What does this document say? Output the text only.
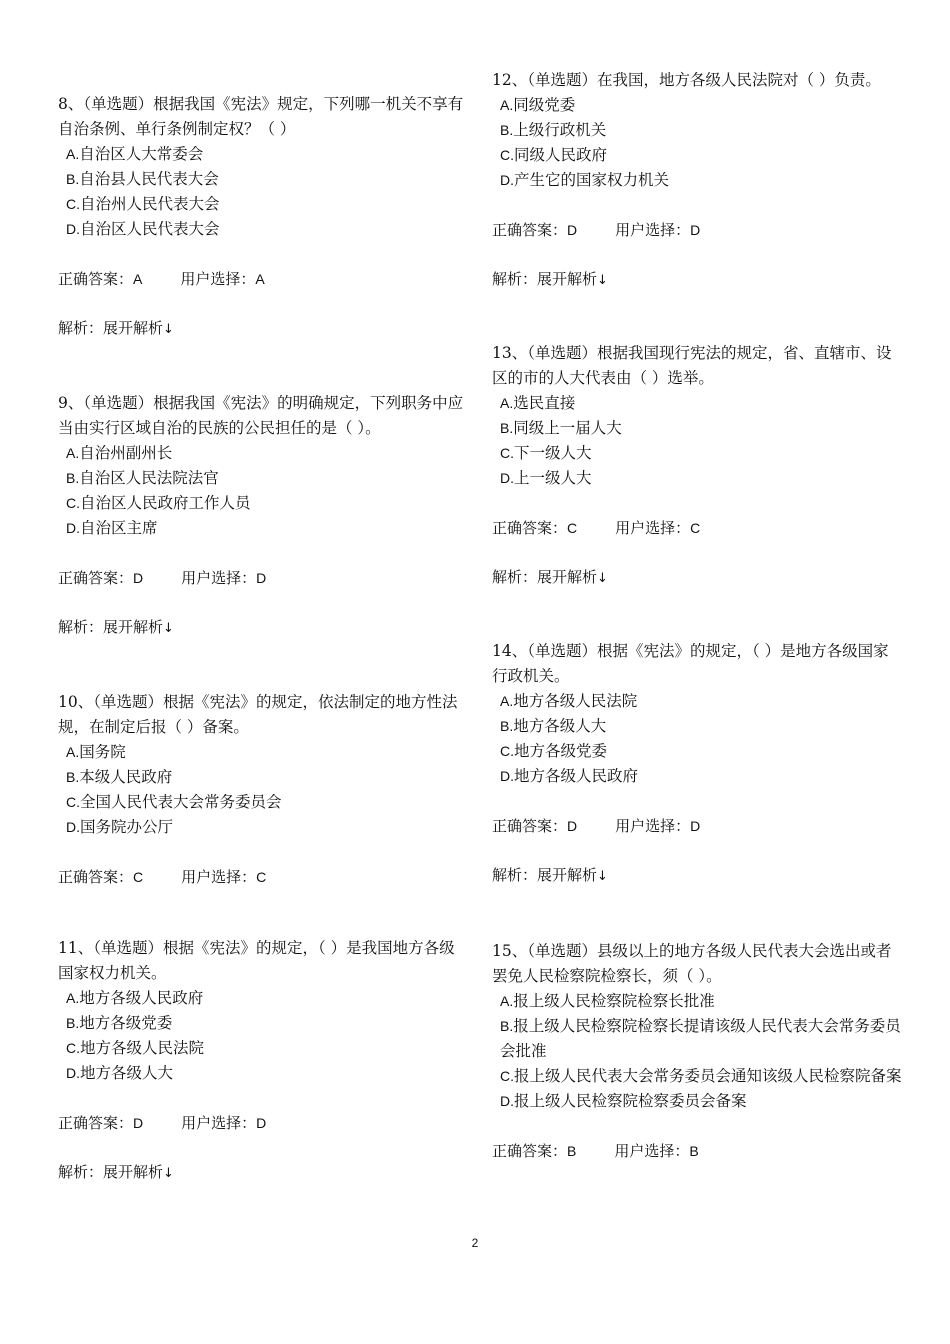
8、（单选题）根据我国《宪法》规定，下列哪一机关不享有自治条例、单行条例制定权？（ ）

A.自治区人大常委会
B.自治县人民代表大会
C.自治州人民代表大会
D.自治区人民代表大会
正确答案：A	用户选择：A
解析：展开解析↓

9、（单选题）根据我国《宪法》的明确规定，下列职务中应当由实行区域自治的民族的公民担任的是（ ）。

A.自治州副州长
B.自治区人民法院法官
C.自治区人民政府工作人员
D.自治区主席
正确答案：D	用户选择：D
解析：展开解析↓

10、（单选题）根据《宪法》的规定，依法制定的地方性法规，在制定后报（ ）备案。

A.国务院
B.本级人民政府
C.全国人民代表大会常务委员会
D.国务院办公厅
正确答案：C	用户选择：C

11、（单选题）根据《宪法》的规定，（ ）是我国地方各级国家权力机关。

A.地方各级人民政府
B.地方各级党委
C.地方各级人民法院
D.地方各级人大
正确答案：D	用户选择：D
解析：展开解析↓

12、（单选题）在我国，地方各级人民法院对（ ）负责。

A.同级党委
B.上级行政机关
C.同级人民政府
D.产生它的国家权力机关
正确答案：D	用户选择：D
解析：展开解析↓

13、（单选题）根据我国现行宪法的规定，省、直辖市、设区的市的人大代表由（ ）选举。

A.选民直接
B.同级上一届人大
C.下一级人大
D.上一级人大
正确答案：C	用户选择：C
解析：展开解析↓

14、（单选题）根据《宪法》的规定，（ ）是地方各级国家行政机关。

A.地方各级人民法院
B.地方各级人大
C.地方各级党委
D.地方各级人民政府
正确答案：D	用户选择：D
解析：展开解析↓

15、（单选题）县级以上的地方各级人民代表大会选出或者罢免人民检察院检察长，须（ ）。

A.报上级人民检察院检察长批准
B.报上级人民检察院检察长提请该级人民代表大会常务委员会批准
C.报上级人民代表大会常务委员会通知该级人民检察院备案
D.报上级人民检察院检察委员会备案
正确答案：B	用户选择：B
2
